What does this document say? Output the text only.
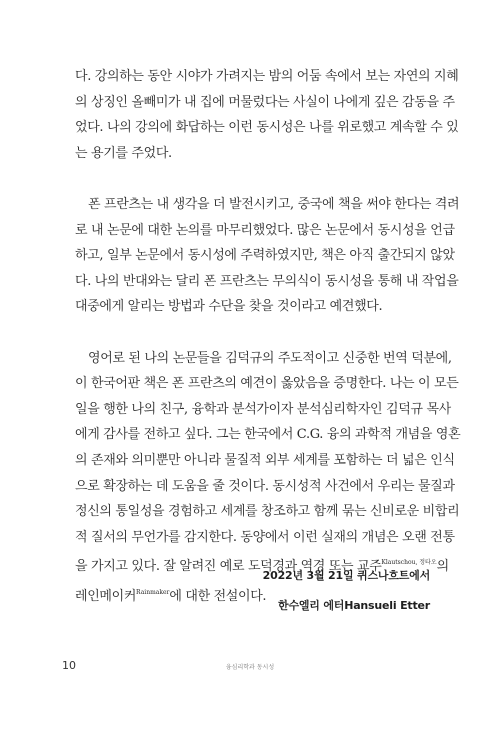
다. 강의하는 동안 시야가 가려지는 밤의 어둠 속에서 보는 자연의 지혜

의 상징인 올빼미가 내 집에 머물렀다는 사실이 나에게 깊은 감동을 주

었다. 나의 강의에 화답하는 이런 동시성은 나를 위로했고 계속할 수 있

는 용기를 주었다.

폰 프란츠는 내 생각을 더 발전시키고, 중국에 책을 써야 한다는 격려

로 내 논문에 대한 논의를 마무리했었다. 많은 논문에서 동시성을 언급

하고, 일부 논문에서 동시성에 주력하였지만, 책은 아직 출간되지 않았

다. 나의 반대와는 달리 폰 프란츠는 무의식이 동시성을 통해 내 작업을

대중에게 알리는 방법과 수단을 찾을 것이라고 예견했다.

영어로 된 나의 논문들을 김덕규의 주도적이고 신중한 번역 덕분에,

이 한국어판 책은 폰 프란츠의 예견이 옳았음을 증명한다. 나는 이 모든

일을 행한 나의 친구, 융학과 분석가이자 분석심리학자인 김덕규 목사

에게 감사를 전하고 싶다. 그는 한국에서 C.G. 융의 과학적 개념을 영혼

의 존재와 의미뿐만 아니라 물질적 외부 세계를 포함하는 더 넓은 인식

으로 확장하는 데 도움을 줄 것이다. 동시성적 사건에서 우리는 물질과

정신의 통일성을 경험하고 세계를 창조하고 함께 묶는 신비로운 비합리

적 질서의 무언가를 감지한다. 동양에서 이런 실재의 개념은 오랜 전통

을 가지고 있다. 잘 알려진 예로 도덕경과 역경 또는 교주$^{Klautschou, 정타오}$의

레인메이커$^{Rainmaker}$에 대한 전설이다.

2022년 3월 21일 퀴스나흐트에서
한수엘리 에터Hansueli Etter
10	융심리학과 동시성
